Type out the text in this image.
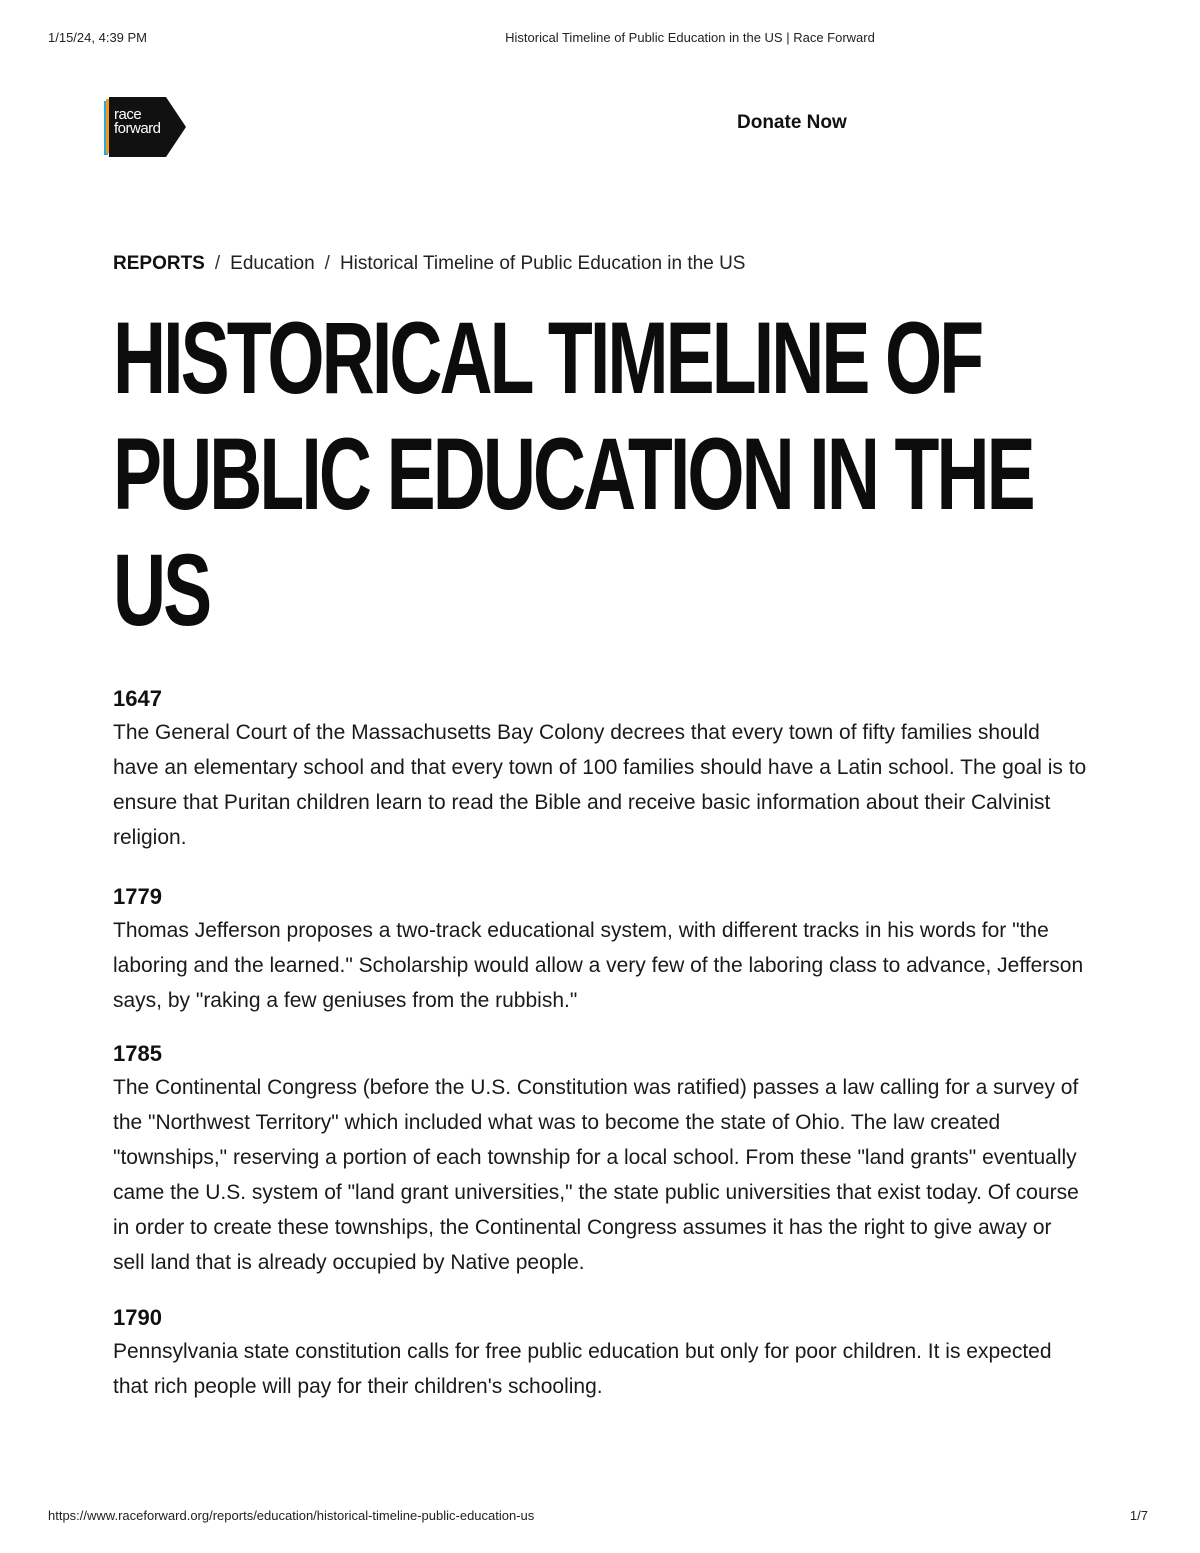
1/15/24, 4:39 PM	Historical Timeline of Public Education in the US | Race Forward
race
forward	Donate Now
REPORTS / Education / Historical Timeline of Public Education in the US
HISTORICAL TIMELINE OF PUBLIC EDUCATION IN THE US
1647
The General Court of the Massachusetts Bay Colony decrees that every town of fifty families should have an elementary school and that every town of 100 families should have a Latin school. The goal is to ensure that Puritan children learn to read the Bible and receive basic information about their Calvinist religion.
1779
Thomas Jefferson proposes a two-track educational system, with different tracks in his words for "the laboring and the learned." Scholarship would allow a very few of the laboring class to advance, Jefferson says, by "raking a few geniuses from the rubbish."
1785
The Continental Congress (before the U.S. Constitution was ratified) passes a law calling for a survey of the "Northwest Territory" which included what was to become the state of Ohio. The law created "townships," reserving a portion of each township for a local school. From these "land grants" eventually came the U.S. system of "land grant universities," the state public universities that exist today. Of course in order to create these townships, the Continental Congress assumes it has the right to give away or sell land that is already occupied by Native people.
1790
Pennsylvania state constitution calls for free public education but only for poor children. It is expected that rich people will pay for their children's schooling.
https://www.raceforward.org/reports/education/historical-timeline-public-education-us	1/7
